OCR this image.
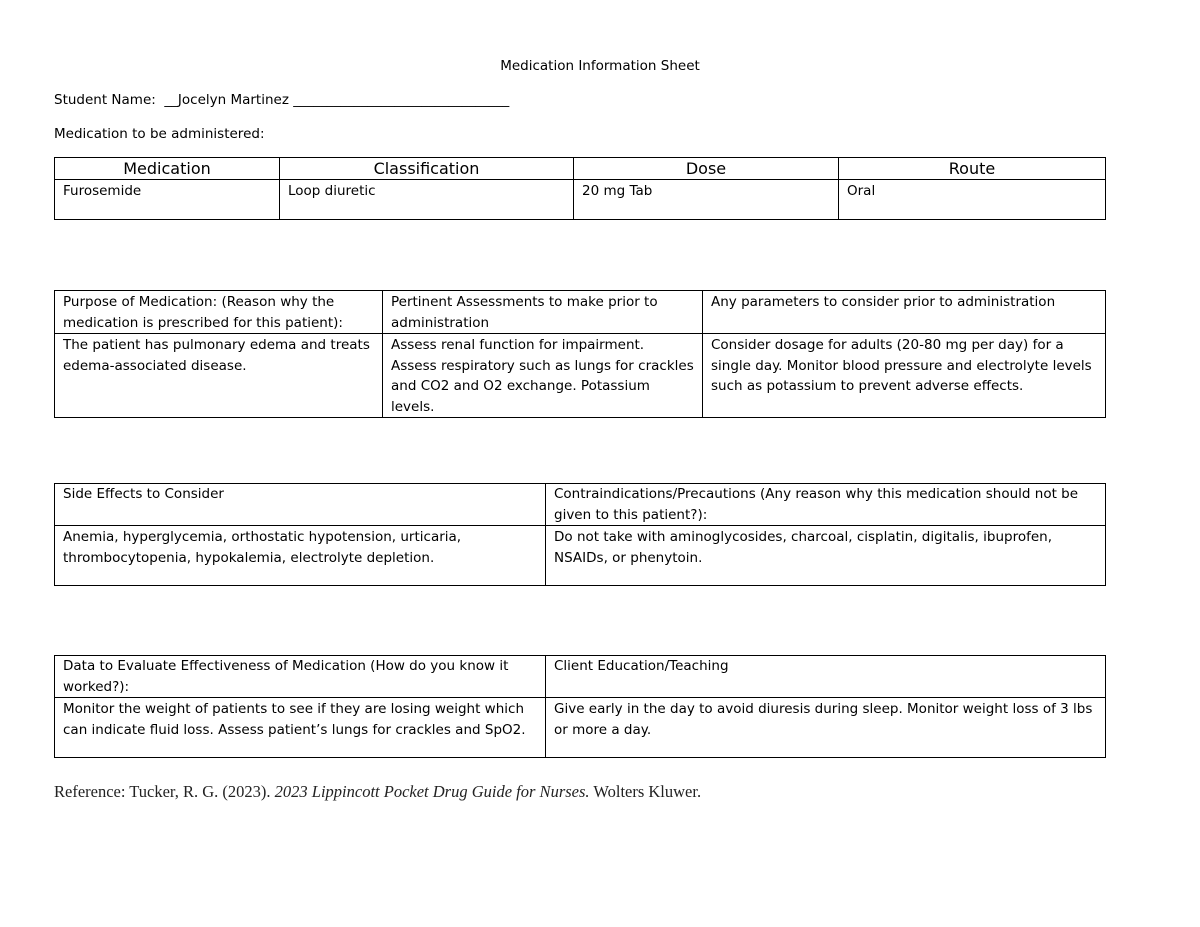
Medication Information Sheet
Student Name: __Jocelyn Martinez ________________________________
Medication to be administered:
Medication	Classification	Dose	Route
Furosemide	Loop diuretic	20 mg Tab	Oral
Purpose of Medication: (Reason why the medication is prescribed for this patient):	Pertinent Assessments to make prior to administration	Any parameters to consider prior to administration
The patient has pulmonary edema and treats edema-associated disease.	Assess renal function for impairment. Assess respiratory such as lungs for crackles and CO2 and O2 exchange. Potassium levels.	Consider dosage for adults (20-80 mg per day) for a single day. Monitor blood pressure and electrolyte levels such as potassium to prevent adverse effects.
Side Effects to Consider	Contraindications/Precautions (Any reason why this medication should not be given to this patient?):
Anemia, hyperglycemia, orthostatic hypotension, urticaria, thrombocytopenia, hypokalemia, electrolyte depletion.	Do not take with aminoglycosides, charcoal, cisplatin, digitalis, ibuprofen, NSAIDs, or phenytoin.
Data to Evaluate Effectiveness of Medication (How do you know it worked?):	Client Education/Teaching
Monitor the weight of patients to see if they are losing weight which can indicate fluid loss. Assess patient’s lungs for crackles and SpO2.	Give early in the day to avoid diuresis during sleep. Monitor weight loss of 3 lbs or more a day.
Reference: Tucker, R. G. (2023). 2023 Lippincott Pocket Drug Guide for Nurses. Wolters Kluwer.
